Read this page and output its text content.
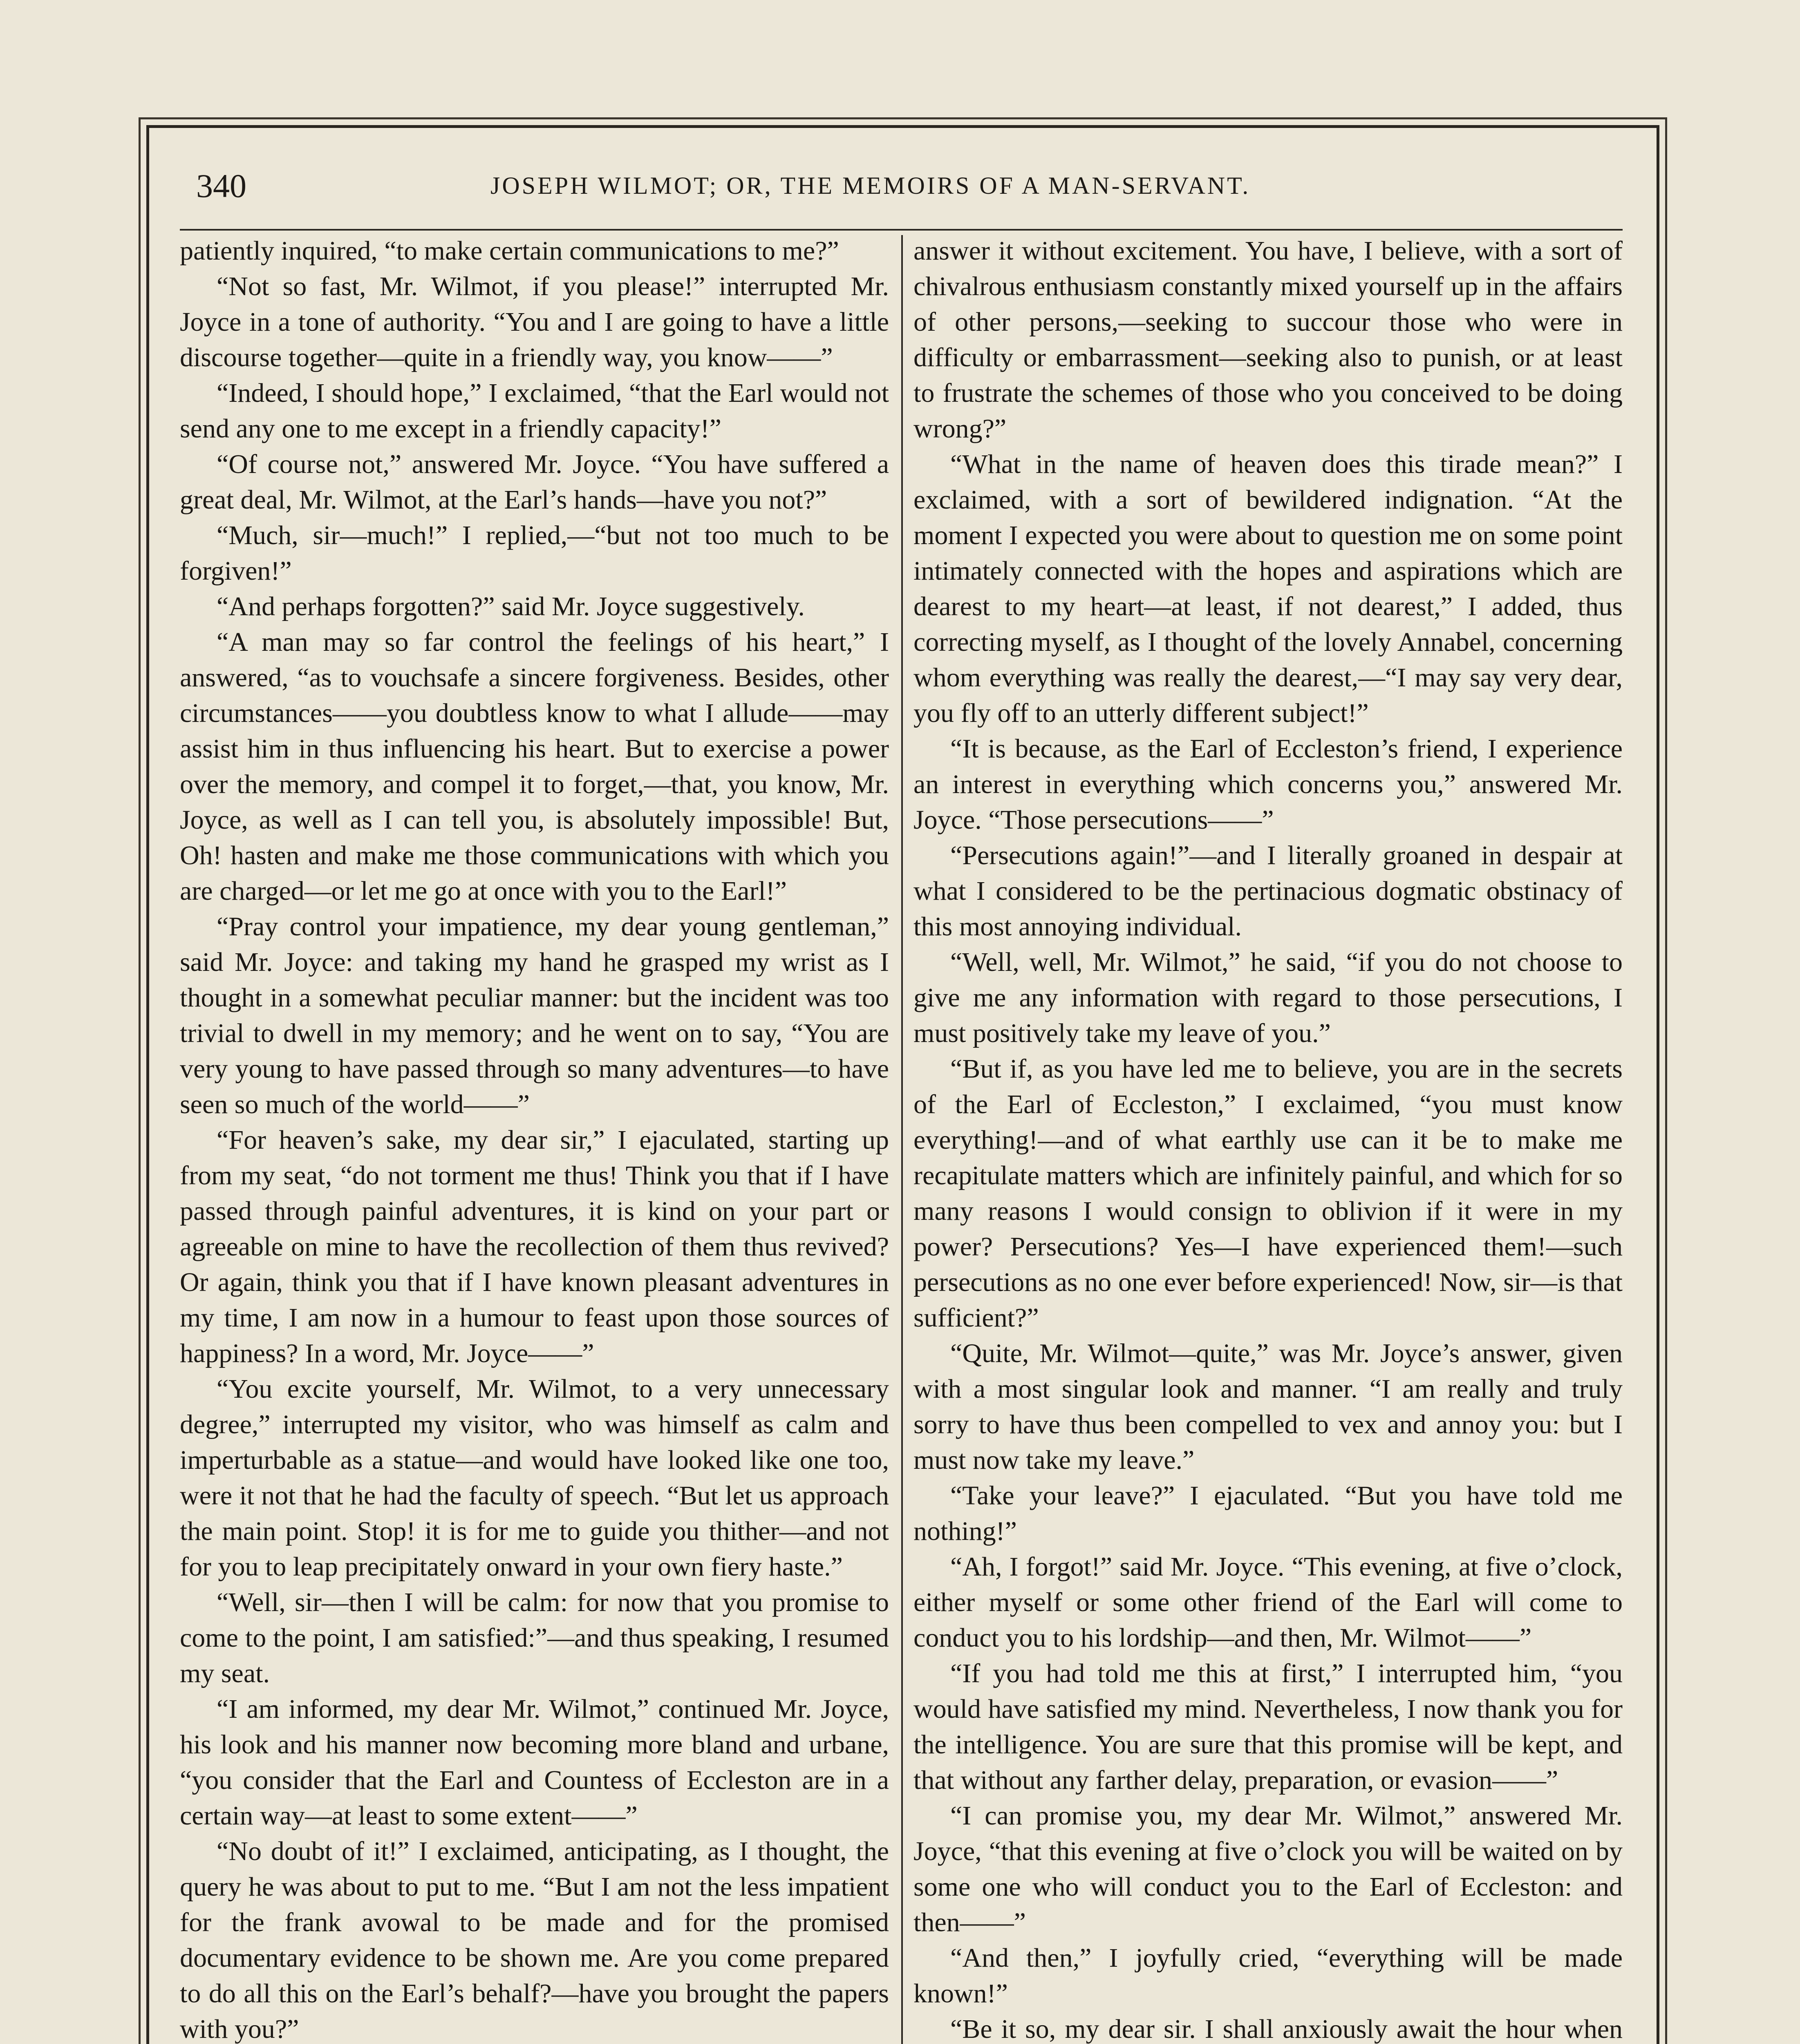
340	JOSEPH WILMOT; OR, THE MEMOIRS OF A MAN-SERVANT.

patiently inquired, “to make certain communications to me?”

“Not so fast, Mr. Wilmot, if you please!” interrupted Mr. Joyce in a tone of authority. “You and I are going to have a little discourse together—quite in a friendly way, you know——”

“Indeed, I should hope,” I exclaimed, “that the Earl would not send any one to me except in a friendly capacity!”

“Of course not,” answered Mr. Joyce. “You have suffered a great deal, Mr. Wilmot, at the Earl’s hands—have you not?”

“Much, sir—much!” I replied,—“but not too much to be forgiven!”

“And perhaps forgotten?” said Mr. Joyce suggestively.

“A man may so far control the feelings of his heart,” I answered, “as to vouchsafe a sincere forgiveness. Besides, other circumstances——you doubtless know to what I allude——may assist him in thus influencing his heart. But to exercise a power over the memory, and compel it to forget,—that, you know, Mr. Joyce, as well as I can tell you, is absolutely impossible! But, Oh! hasten and make me those communications with which you are charged—or let me go at once with you to the Earl!”

“Pray control your impatience, my dear young gentleman,” said Mr. Joyce: and taking my hand he grasped my wrist as I thought in a somewhat peculiar manner: but the incident was too trivial to dwell in my memory; and he went on to say, “You are very young to have passed through so many adventures—to have seen so much of the world——”

“For heaven’s sake, my dear sir,” I ejaculated, starting up from my seat, “do not torment me thus! Think you that if I have passed through painful adventures, it is kind on your part or agreeable on mine to have the recollection of them thus revived? Or again, think you that if I have known pleasant adventures in my time, I am now in a humour to feast upon those sources of happiness? In a word, Mr. Joyce——”

“You excite yourself, Mr. Wilmot, to a very unnecessary degree,” interrupted my visitor, who was himself as calm and imperturbable as a statue—and would have looked like one too, were it not that he had the faculty of speech. “But let us approach the main point. Stop! it is for me to guide you thither—and not for you to leap precipitately onward in your own fiery haste.”

“Well, sir—then I will be calm: for now that you promise to come to the point, I am satisfied:”—and thus speaking, I resumed my seat.

“I am informed, my dear Mr. Wilmot,” continued Mr. Joyce, his look and his manner now becoming more bland and urbane, “you consider that the Earl and Countess of Eccleston are in a certain way—at least to some extent——”

“No doubt of it!” I exclaimed, anticipating, as I thought, the query he was about to put to me. “But I am not the less impatient for the frank avowal to be made and for the promised documentary evidence to be shown me. Are you come prepared to do all this on the Earl’s behalf?—have you brought the papers with you?”

answer it without excitement. You have, I believe, with a sort of chivalrous enthusiasm constantly mixed yourself up in the affairs of other persons,—seeking to succour those who were in difficulty or embarrassment—seeking also to punish, or at least to frustrate the schemes of those who you conceived to be doing wrong?”

“What in the name of heaven does this tirade mean?” I exclaimed, with a sort of bewildered indignation. “At the moment I expected you were about to question me on some point intimately connected with the hopes and aspirations which are dearest to my heart—at least, if not dearest,” I added, thus correcting myself, as I thought of the lovely Annabel, concerning whom everything was really the dearest,—“I may say very dear, you fly off to an utterly different subject!”

“It is because, as the Earl of Eccleston’s friend, I experience an interest in everything which concerns you,” answered Mr. Joyce. “Those persecutions——”

“Persecutions again!”—and I literally groaned in despair at what I considered to be the pertinacious dogmatic obstinacy of this most annoying individual.

“Well, well, Mr. Wilmot,” he said, “if you do not choose to give me any information with regard to those persecutions, I must positively take my leave of you.”

“But if, as you have led me to believe, you are in the secrets of the Earl of Eccleston,” I exclaimed, “you must know everything!—and of what earthly use can it be to make me recapitulate matters which are infinitely painful, and which for so many reasons I would consign to oblivion if it were in my power? Persecutions? Yes—I have experienced them!—such persecutions as no one ever before experienced! Now, sir—is that sufficient?”

“Quite, Mr. Wilmot—quite,” was Mr. Joyce’s answer, given with a most singular look and manner. “I am really and truly sorry to have thus been compelled to vex and annoy you: but I must now take my leave.”

“Take your leave?” I ejaculated. “But you have told me nothing!”

“Ah, I forgot!” said Mr. Joyce. “This evening, at five o’clock, either myself or some other friend of the Earl will come to conduct you to his lordship—and then, Mr. Wilmot——”

“If you had told me this at first,” I interrupted him, “you would have satisfied my mind. Nevertheless, I now thank you for the intelligence. You are sure that this promise will be kept, and that without any farther delay, preparation, or evasion——”

“I can promise you, my dear Mr. Wilmot,” answered Mr. Joyce, “that this evening at five o’clock you will be waited on by some one who will conduct you to the Earl of Eccleston: and then——”

“And then,” I joyfully cried, “everything will be made known!”

“Be it so, my dear sir. I shall anxiously await the hour when
